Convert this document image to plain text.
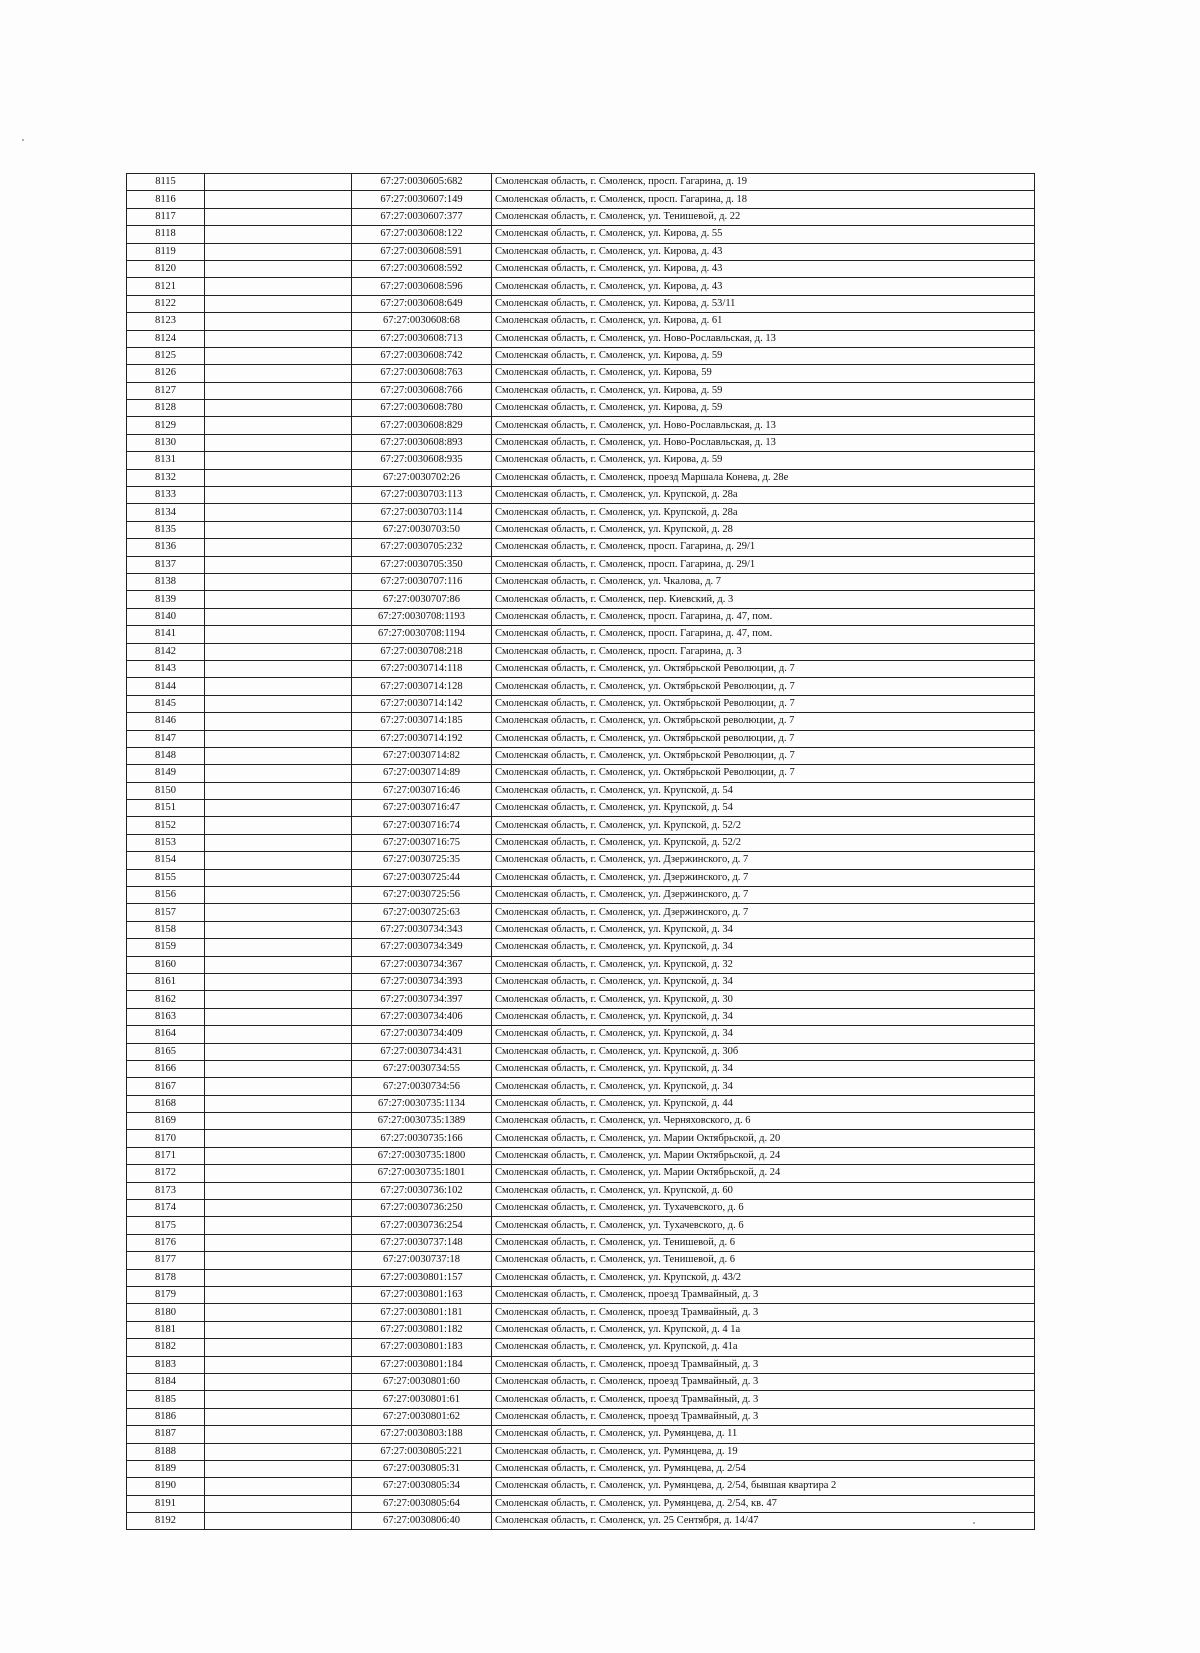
8115		67:27:0030605:682	Смоленская область, г. Смоленск, просп. Гагарина, д. 19
8116		67:27:0030607:149	Смоленская область, г. Смоленск, просп. Гагарина, д. 18
8117		67:27:0030607:377	Смоленская область, г. Смоленск, ул. Тенишевой, д. 22
8118		67:27:0030608:122	Смоленская область, г. Смоленск, ул. Кирова, д. 55
8119		67:27:0030608:591	Смоленская область, г. Смоленск, ул. Кирова, д. 43
8120		67:27:0030608:592	Смоленская область, г. Смоленск, ул. Кирова, д. 43
8121		67:27:0030608:596	Смоленская область, г. Смоленск, ул. Кирова, д. 43
8122		67:27:0030608:649	Смоленская область, г. Смоленск, ул. Кирова, д. 53/11
8123		67:27:0030608:68	Смоленская область, г. Смоленск, ул. Кирова, д. 61
8124		67:27:0030608:713	Смоленская область, г. Смоленск, ул. Ново-Рославльская, д. 13
8125		67:27:0030608:742	Смоленская область, г. Смоленск, ул. Кирова, д. 59
8126		67:27:0030608:763	Смоленская область, г. Смоленск, ул. Кирова, 59
8127		67:27:0030608:766	Смоленская область, г. Смоленск, ул. Кирова, д. 59
8128		67:27:0030608:780	Смоленская область, г. Смоленск, ул. Кирова, д. 59
8129		67:27:0030608:829	Смоленская область, г. Смоленск, ул. Ново-Рославльская, д. 13
8130		67:27:0030608:893	Смоленская область, г. Смоленск, ул. Ново-Рославльская, д. 13
8131		67:27:0030608:935	Смоленская область, г. Смоленск, ул. Кирова, д. 59
8132		67:27:0030702:26	Смоленская область, г. Смоленск, проезд Маршала Конева, д. 28е
8133		67:27:0030703:113	Смоленская область, г. Смоленск, ул. Крупской, д. 28а
8134		67:27:0030703:114	Смоленская область, г. Смоленск, ул. Крупской, д. 28а
8135		67:27:0030703:50	Смоленская область, г. Смоленск, ул. Крупской, д. 28
8136		67:27:0030705:232	Смоленская область, г. Смоленск, просп. Гагарина, д. 29/1
8137		67:27:0030705:350	Смоленская область, г. Смоленск, просп. Гагарина, д. 29/1
8138		67:27:0030707:116	Смоленская область, г. Смоленск, ул. Чкалова, д. 7
8139		67:27:0030707:86	Смоленская область, г. Смоленск, пер. Киевский, д. 3
8140		67:27:0030708:1193	Смоленская область, г. Смоленск, просп. Гагарина, д. 47, пом.
8141		67:27:0030708:1194	Смоленская область, г. Смоленск, просп. Гагарина, д. 47, пом.
8142		67:27:0030708:218	Смоленская область, г. Смоленск, просп. Гагарина, д. 3
8143		67:27:0030714:118	Смоленская область, г. Смоленск, ул. Октябрьской Революции, д. 7
8144		67:27:0030714:128	Смоленская область, г. Смоленск, ул. Октябрьской Революции, д. 7
8145		67:27:0030714:142	Смоленская область, г. Смоленск, ул. Октябрьской Революции, д. 7
8146		67:27:0030714:185	Смоленская область, г. Смоленск, ул. Октябрьской революции, д. 7
8147		67:27:0030714:192	Смоленская область, г. Смоленск, ул. Октябрьской революции, д. 7
8148		67:27:0030714:82	Смоленская область, г. Смоленск, ул. Октябрьской Революции, д. 7
8149		67:27:0030714:89	Смоленская область, г. Смоленск, ул. Октябрьской Революции, д. 7
8150		67:27:0030716:46	Смоленская область, г. Смоленск, ул. Крупской, д. 54
8151		67:27:0030716:47	Смоленская область, г. Смоленск, ул. Крупской, д. 54
8152		67:27:0030716:74	Смоленская область, г. Смоленск, ул. Крупской, д. 52/2
8153		67:27:0030716:75	Смоленская область, г. Смоленск, ул. Крупской, д. 52/2
8154		67:27:0030725:35	Смоленская область, г. Смоленск, ул. Дзержинского, д. 7
8155		67:27:0030725:44	Смоленская область, г. Смоленск, ул. Дзержинского, д. 7
8156		67:27:0030725:56	Смоленская область, г. Смоленск, ул. Дзержинского, д. 7
8157		67:27:0030725:63	Смоленская область, г. Смоленск, ул. Дзержинского, д. 7
8158		67:27:0030734:343	Смоленская область, г. Смоленск, ул. Крупской, д. 34
8159		67:27:0030734:349	Смоленская область, г. Смоленск, ул. Крупской, д. 34
8160		67:27:0030734:367	Смоленская область, г. Смоленск, ул. Крупской, д. 32
8161		67:27:0030734:393	Смоленская область, г. Смоленск, ул. Крупской, д. 34
8162		67:27:0030734:397	Смоленская область, г. Смоленск, ул. Крупской, д. 30
8163		67:27:0030734:406	Смоленская область, г. Смоленск, ул. Крупской, д. 34
8164		67:27:0030734:409	Смоленская область, г. Смоленск, ул. Крупской, д. 34
8165		67:27:0030734:431	Смоленская область, г. Смоленск, ул. Крупской, д. 30б
8166		67:27:0030734:55	Смоленская область, г. Смоленск, ул. Крупской, д. 34
8167		67:27:0030734:56	Смоленская область, г. Смоленск, ул. Крупской, д. 34
8168		67:27:0030735:1134	Смоленская область, г. Смоленск, ул. Крупской, д. 44
8169		67:27:0030735:1389	Смоленская область, г. Смоленск, ул. Черняховского, д. 6
8170		67:27:0030735:166	Смоленская область, г. Смоленск, ул. Марии Октябрьской, д. 20
8171		67:27:0030735:1800	Смоленская область, г. Смоленск, ул. Марии Октябрьской, д. 24
8172		67:27:0030735:1801	Смоленская область, г. Смоленск, ул. Марии Октябрьской, д. 24
8173		67:27:0030736:102	Смоленская область, г. Смоленск, ул. Крупской, д. 60
8174		67:27:0030736:250	Смоленская область, г. Смоленск, ул. Тухачевского, д. 6
8175		67:27:0030736:254	Смоленская область, г. Смоленск, ул. Тухачевского, д. 6
8176		67:27:0030737:148	Смоленская область, г. Смоленск, ул. Тенишевой, д. 6
8177		67:27:0030737:18	Смоленская область, г. Смоленск, ул. Тенишевой, д. 6
8178		67:27:0030801:157	Смоленская область, г. Смоленск, ул. Крупской, д. 43/2
8179		67:27:0030801:163	Смоленская область, г. Смоленск, проезд Трамвайный, д. 3
8180		67:27:0030801:181	Смоленская область, г. Смоленск, проезд Трамвайный, д. 3
8181		67:27:0030801:182	Смоленская область, г. Смоленск, ул. Крупской, д. 4 1а
8182		67:27:0030801:183	Смоленская область, г. Смоленск, ул. Крупской, д. 41а
8183		67:27:0030801:184	Смоленская область, г. Смоленск, проезд Трамвайный, д. 3
8184		67:27:0030801:60	Смоленская область, г. Смоленск, проезд Трамвайный, д. 3
8185		67:27:0030801:61	Смоленская область, г. Смоленск, проезд Трамвайный, д. 3
8186		67:27:0030801:62	Смоленская область, г. Смоленск, проезд Трамвайный, д. 3
8187		67:27:0030803:188	Смоленская область, г. Смоленск, ул. Румянцева, д. 11
8188		67:27:0030805:221	Смоленская область, г. Смоленск, ул. Румянцева, д. 19
8189		67:27:0030805:31	Смоленская область, г. Смоленск, ул. Румянцева, д. 2/54
8190		67:27:0030805:34	Смоленская область, г. Смоленск, ул. Румянцева, д. 2/54, бывшая квартира 2
8191		67:27:0030805:64	Смоленская область, г. Смоленск, ул. Румянцева, д. 2/54, кв. 47
8192		67:27:0030806:40	Смоленская область, г. Смоленск, ул. 25 Сентября, д. 14/47
